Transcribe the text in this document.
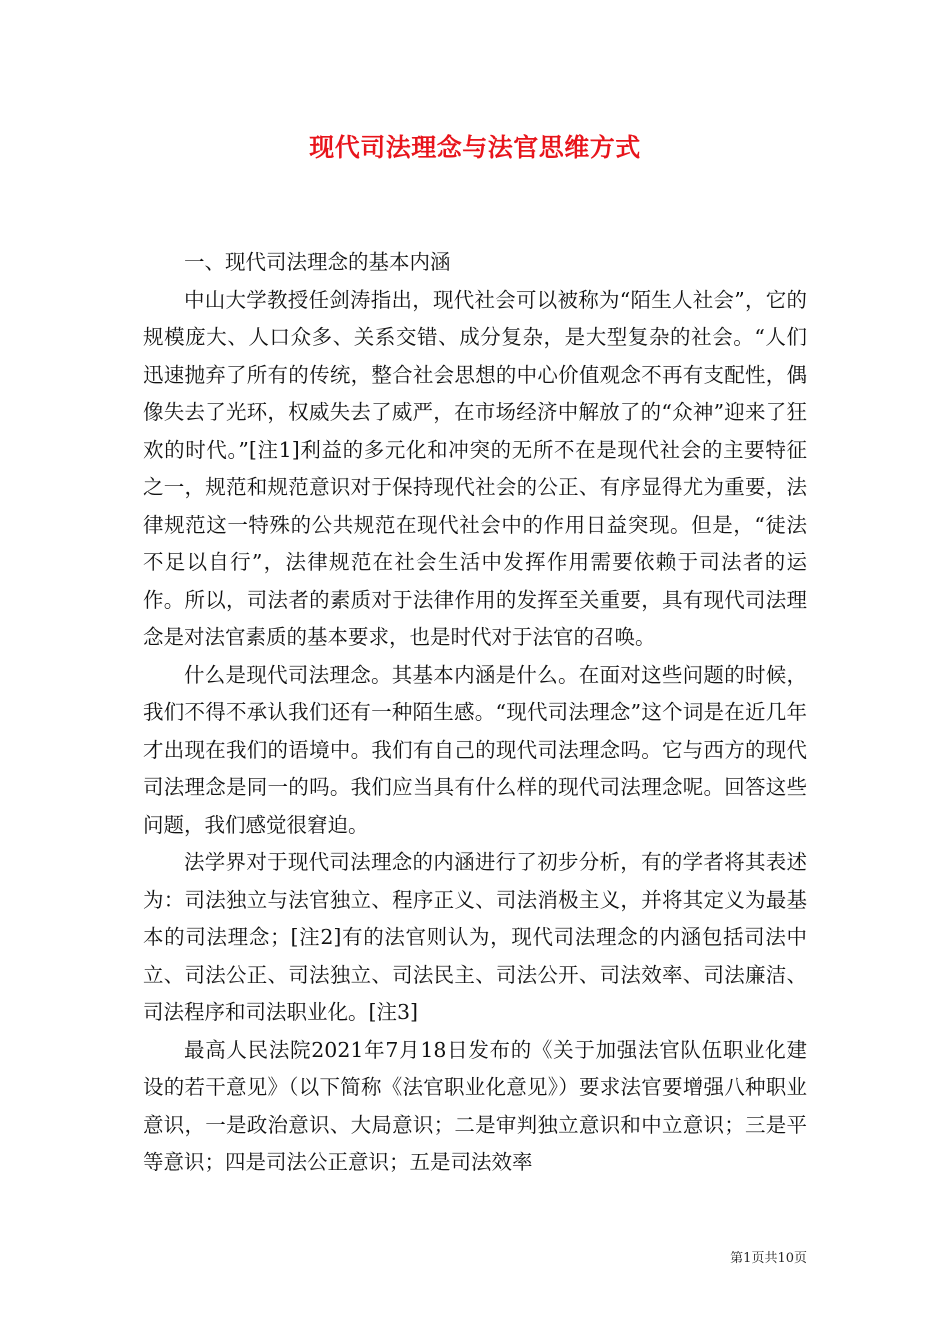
现代司法理念与法官思维方式

一、现代司法理念的基本内涵

中山大学教授任剑涛指出，现代社会可以被称为“陌生人社会”，它的规模庞大、人口众多、关系交错、成分复杂，是大型复杂的社会。“人们迅速抛弃了所有的传统，整合社会思想的中心价值观念不再有支配性，偶像失去了光环，权威失去了威严，在市场经济中解放了的“众神”迎来了狂欢的时代。”[注1]利益的多元化和冲突的无所不在是现代社会的主要特征之一，规范和规范意识对于保持现代社会的公正、有序显得尤为重要，法律规范这一特殊的公共规范在现代社会中的作用日益突现。但是，“徒法不足以自行”，法律规范在社会生活中发挥作用需要依赖于司法者的运作。所以，司法者的素质对于法律作用的发挥至关重要，具有现代司法理念是对法官素质的基本要求，也是时代对于法官的召唤。

什么是现代司法理念。其基本内涵是什么。在面对这些问题的时候，我们不得不承认我们还有一种陌生感。“现代司法理念”这个词是在近几年才出现在我们的语境中。我们有自己的现代司法理念吗。它与西方的现代司法理念是同一的吗。我们应当具有什么样的现代司法理念呢。回答这些问题，我们感觉很窘迫。

法学界对于现代司法理念的内涵进行了初步分析，有的学者将其表述为：司法独立与法官独立、程序正义、司法消极主义，并将其定义为最基本的司法理念；[注2]有的法官则认为，现代司法理念的内涵包括司法中立、司法公正、司法独立、司法民主、司法公开、司法效率、司法廉洁、司法程序和司法职业化。[注3]

最高人民法院2021年7月18日发布的《关于加强法官队伍职业化建设的若干意见》（以下简称《法官职业化意见》）要求法官要增强八种职业意识，一是政治意识、大局意识；二是审判独立意识和中立意识；三是平等意识；四是司法公正意识；五是司法效率

第1页共10页
